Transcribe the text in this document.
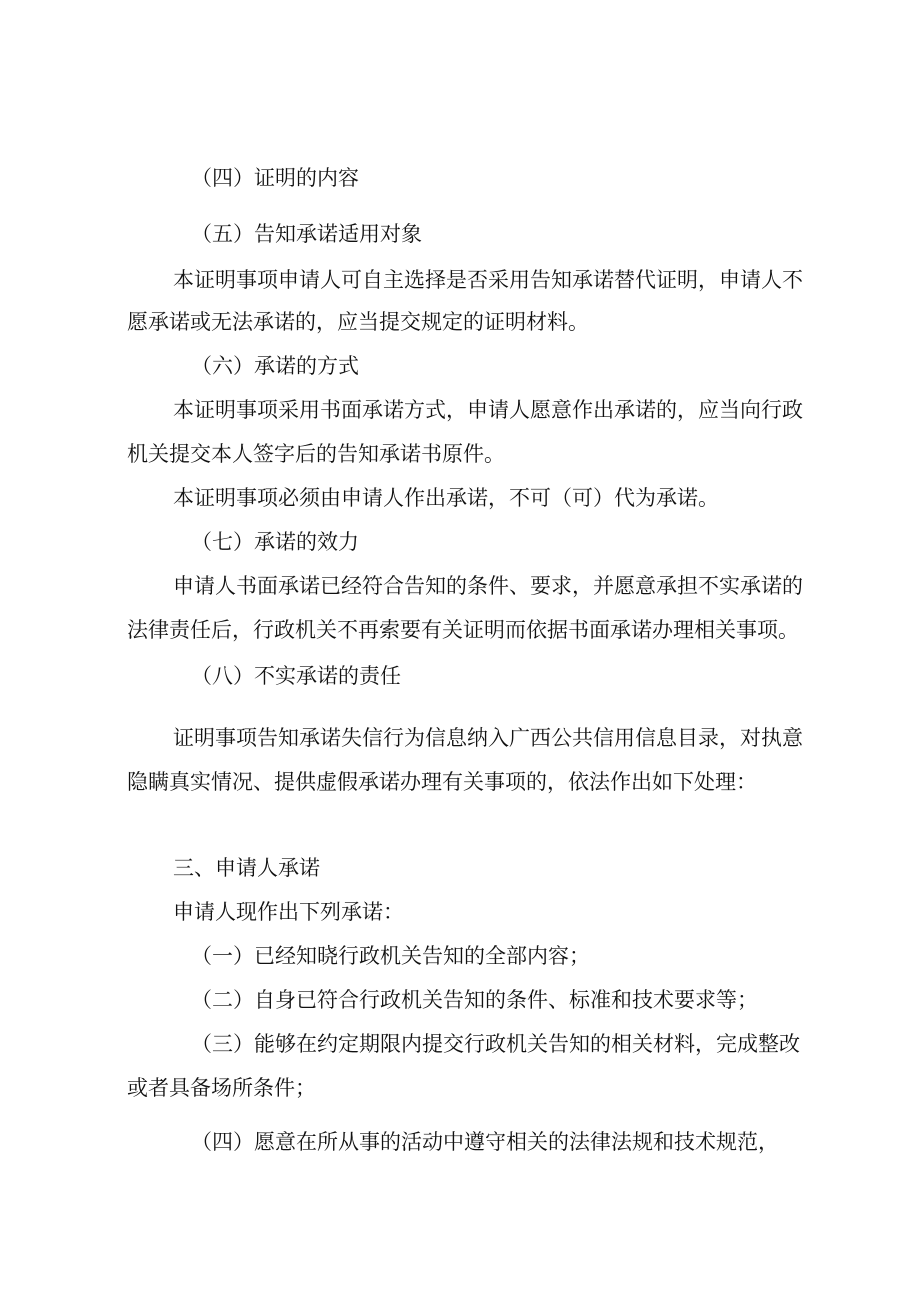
（四）证明的内容
（五）告知承诺适用对象
本证明事项申请人可自主选择是否采用告知承诺替代证明，申请人不
愿承诺或无法承诺的，应当提交规定的证明材料。
（六）承诺的方式
本证明事项采用书面承诺方式，申请人愿意作出承诺的，应当向行政
机关提交本人签字后的告知承诺书原件。
本证明事项必须由申请人作出承诺，不可（可）代为承诺。
（七）承诺的效力
申请人书面承诺已经符合告知的条件、要求，并愿意承担不实承诺的
法律责任后，行政机关不再索要有关证明而依据书面承诺办理相关事项。
（八）不实承诺的责任
证明事项告知承诺失信行为信息纳入广西公共信用信息目录，对执意
隐瞒真实情况、提供虚假承诺办理有关事项的，依法作出如下处理：
三、申请人承诺
申请人现作出下列承诺：
（一）已经知晓行政机关告知的全部内容；
（二）自身已符合行政机关告知的条件、标准和技术要求等；
（三）能够在约定期限内提交行政机关告知的相关材料，完成整改
或者具备场所条件；
（四）愿意在所从事的活动中遵守相关的法律法规和技术规范，
